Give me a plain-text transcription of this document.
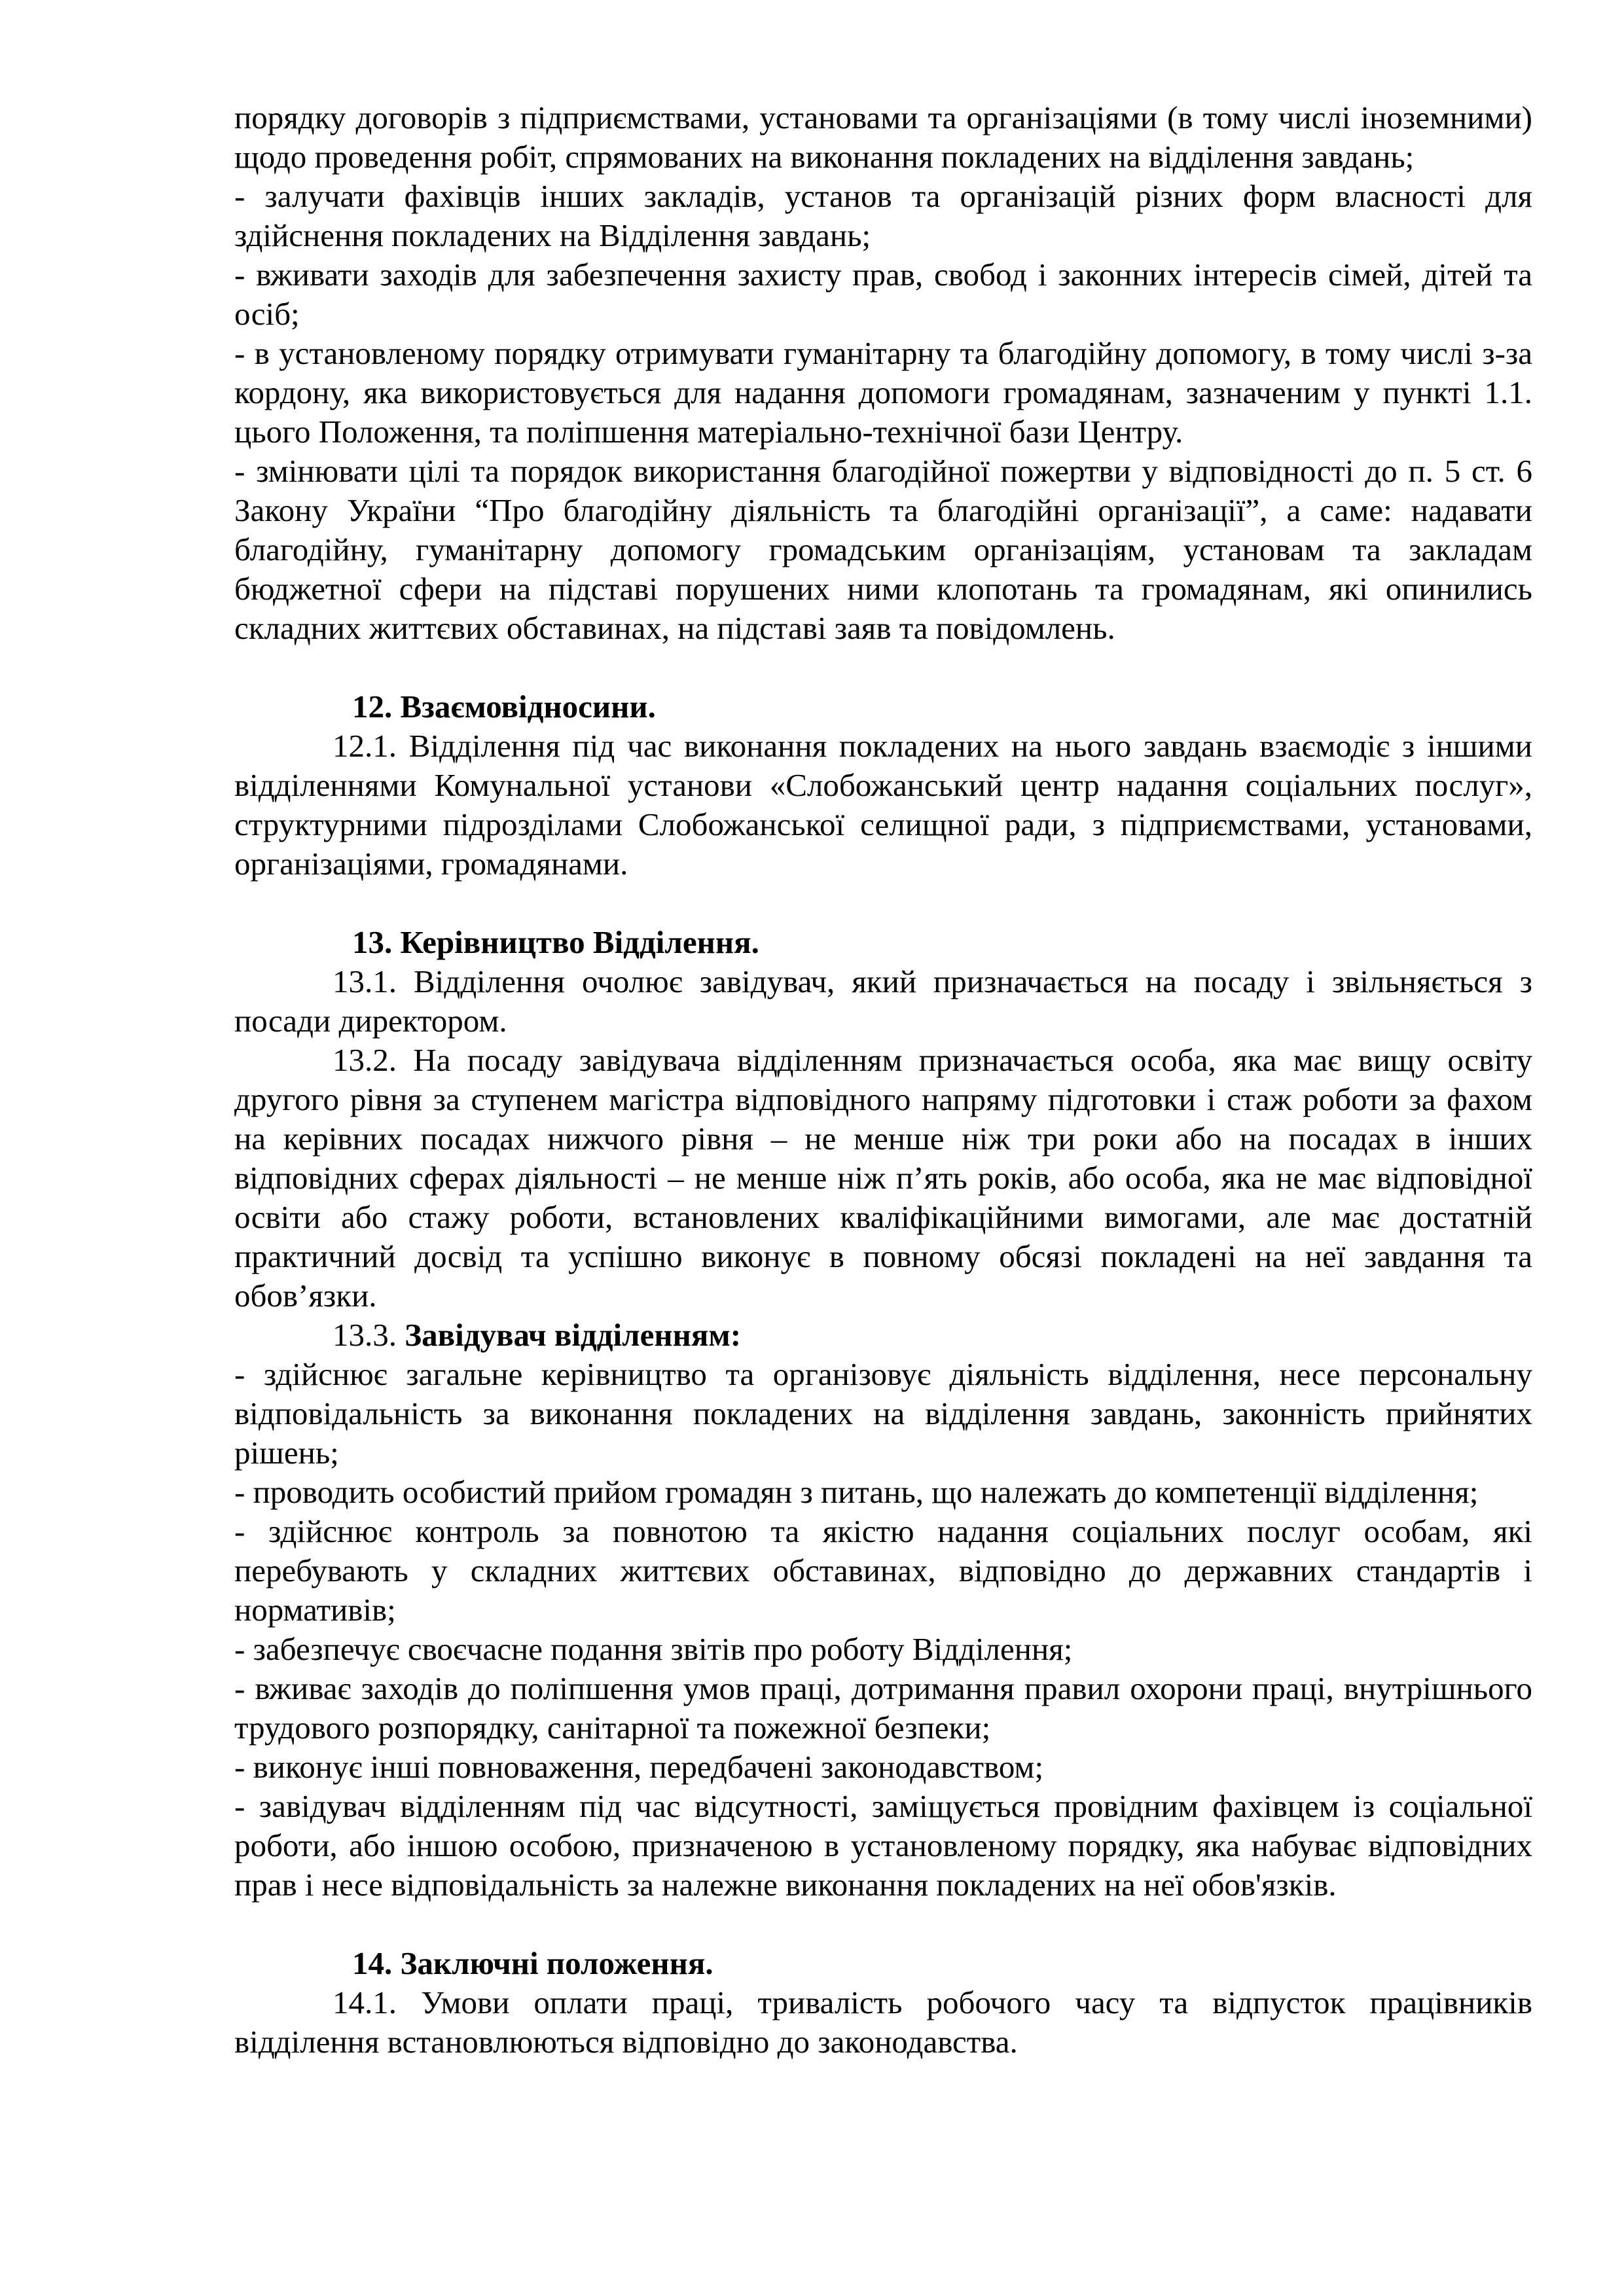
порядку договорів з підприємствами, установами та організаціями (в тому числі іноземними) щодо проведення робіт, спрямованих на виконання покладених на відділення завдань;

- залучати фахівців інших закладів, установ та організацій різних форм власності для здійснення покладених на Відділення завдань;

- вживати заходів для забезпечення захисту прав, свобод і законних інтересів сімей, дітей та осіб;

- в установленому порядку отримувати гуманітарну та благодійну допомогу, в тому числі з-за кордону, яка використовується для надання допомоги громадянам, зазначеним у пункті 1.1. цього Положення, та поліпшення матеріально-технічної бази Центру.

- змінювати цілі та порядок використання благодійної пожертви у відповідності до п. 5 ст. 6 Закону України “Про благодійну діяльність та благодійні організації”, а саме: надавати благодійну, гуманітарну допомогу громадським організаціям, установам та закладам бюджетної сфери на підставі порушених ними клопотань та громадянам, які опинились складних життєвих обставинах, на підставі заяв та повідомлень.

12. Взаємовідносини.

12.1. Відділення під час виконання покладених на нього завдань взаємодіє з іншими відділеннями Комунальної установи «Слобожанський центр надання соціальних послуг», структурними підрозділами Слобожанської селищної ради, з підприємствами, установами, організаціями, громадянами.

13. Керівництво Відділення.

13.1. Відділення очолює завідувач, який призначається на посаду і звільняється з посади директором.

13.2. На посаду завідувача відділенням призначається особа, яка має вищу освіту другого рівня за ступенем магістра відповідного напряму підготовки і стаж роботи за фахом на керівних посадах нижчого рівня – не менше ніж три роки або на посадах в інших відповідних сферах діяльності – не менше ніж п’ять років, або особа, яка не має відповідної освіти або стажу роботи, встановлених кваліфікаційними вимогами, але має достатній практичний досвід та успішно виконує в повному обсязі покладені на неї завдання та обов’язки.

13.3. Завідувач відділенням:

- здійснює загальне керівництво та організовує діяльність відділення, несе персональну відповідальність за виконання покладених на відділення завдань, законність прийнятих рішень;

- проводить особистий прийом громадян з питань, що належать до компетенції відділення;

- здійснює контроль за повнотою та якістю надання соціальних послуг особам, які перебувають у складних життєвих обставинах, відповідно до державних стандартів і нормативів;

- забезпечує своєчасне подання звітів про роботу Відділення;

- вживає заходів до поліпшення умов праці, дотримання правил охорони праці, внутрішнього трудового розпорядку, санітарної та пожежної безпеки;

- виконує інші повноваження, передбачені законодавством;

- завідувач відділенням під час відсутності, заміщується провідним фахівцем із соціальної роботи, або іншою особою, призначеною в установленому порядку, яка набуває відповідних прав і несе відповідальність за належне виконання покладених на неї обов'язків.

14. Заключні положення.

14.1. Умови оплати праці, тривалість робочого часу та відпусток працівників відділення встановлюються відповідно до законодавства.
